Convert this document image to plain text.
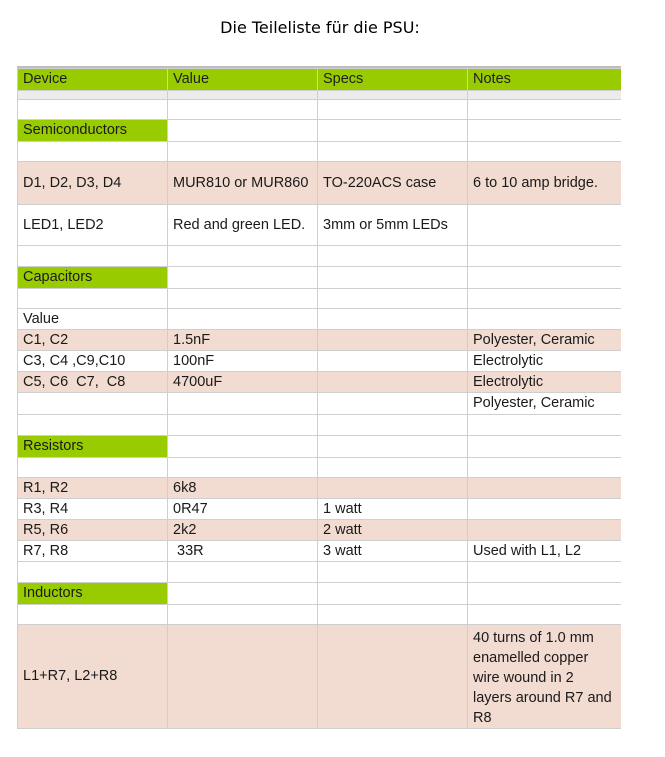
Die Teileliste für die PSU:
Device	Value	Specs	Notes

Semiconductors			

D1, D2, D3, D4	MUR810 or MUR860	TO-220ACS case	6 to 10 amp bridge.
LED1, LED2	Red and green LED.	3mm or 5mm LEDs	

Capacitors			

Value			
C1, C2	1.5nF		Polyester, Ceramic
C3, C4 ,C9,C10	100nF		Electrolytic
C5, C6  C7,  C8	4700uF		Electrolytic
			Polyester, Ceramic

Resistors			

R1, R2	6k8		
R3, R4	0R47	1 watt	
R5, R6	2k2	2 watt	
R7, R8	33R	3 watt	Used with L1, L2

Inductors			

L1+R7, L2+R8			40 turns of 1.0 mm enamelled copper wire wound in 2 layers around R7 and R8
